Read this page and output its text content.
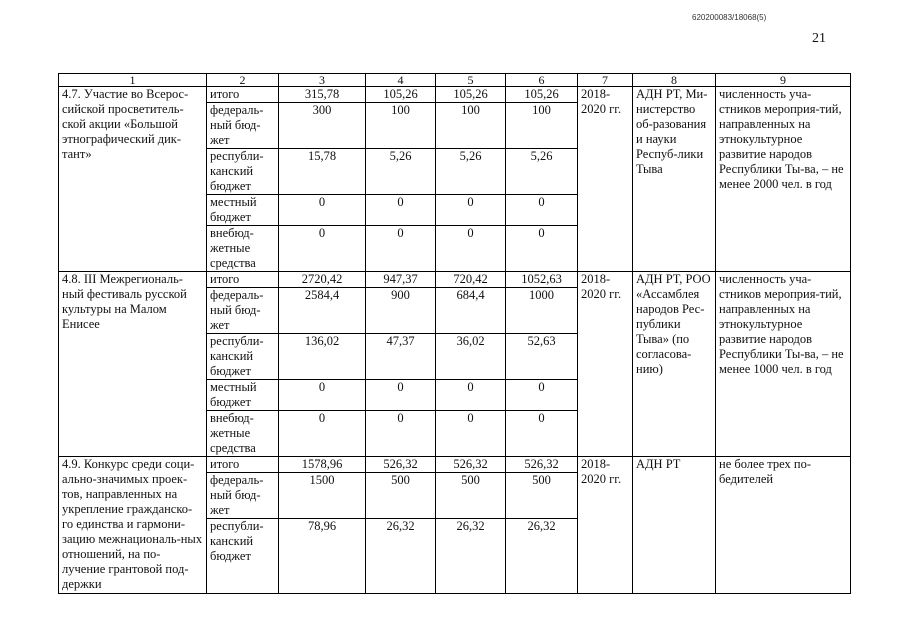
620200083/18068(5)
21
1	2	3	4	5	6	7	8	9
4.7. Участие во Всерос-сийской просветитель-ской акции «Большой этнографический дик-тант»	итого	315,78	105,26	105,26	105,26	2018-2020 гг.	АДН РТ, Ми-нистерство об-разования и науки Респуб-лики Тыва	численность уча-стников мероприя-тий, направленных на этнокультурное развитие народов Республики Ты-ва, – не менее 2000 чел. в год
	федераль-ный бюд-жет	300	100	100	100			
	республи-канский бюджет	15,78	5,26	5,26	5,26			
	местный бюджет	0	0	0	0			
	внебюд-жетные средства	0	0	0	0			
4.8. III Межрегиональ-ный фестиваль русской культуры на Малом Енисее	итого	2720,42	947,37	720,42	1052,63	2018-2020 гг.	АДН РТ, РОО «Ассамблея народов Рес-публики Тыва» (по согласова-нию)	численность уча-стников мероприя-тий, направленных на этнокультурное развитие народов Республики Ты-ва, – не менее 1000 чел. в год
	федераль-ный бюд-жет	2584,4	900	684,4	1000			
	республи-канский бюджет	136,02	47,37	36,02	52,63			
	местный бюджет	0	0	0	0			
	внебюд-жетные средства	0	0	0	0			
4.9. Конкурс среди соци-ально-значимых проек-тов, направленных на укрепление гражданско-го единства и гармони-зацию межнациональ-ных отношений, на по-лучение грантовой под-держки	итого	1578,96	526,32	526,32	526,32	2018-2020 гг.	АДН РТ	не более трех по-бедителей
	федераль-ный бюд-жет	1500	500	500	500			
	республи-канский бюджет	78,96	26,32	26,32	26,32			
